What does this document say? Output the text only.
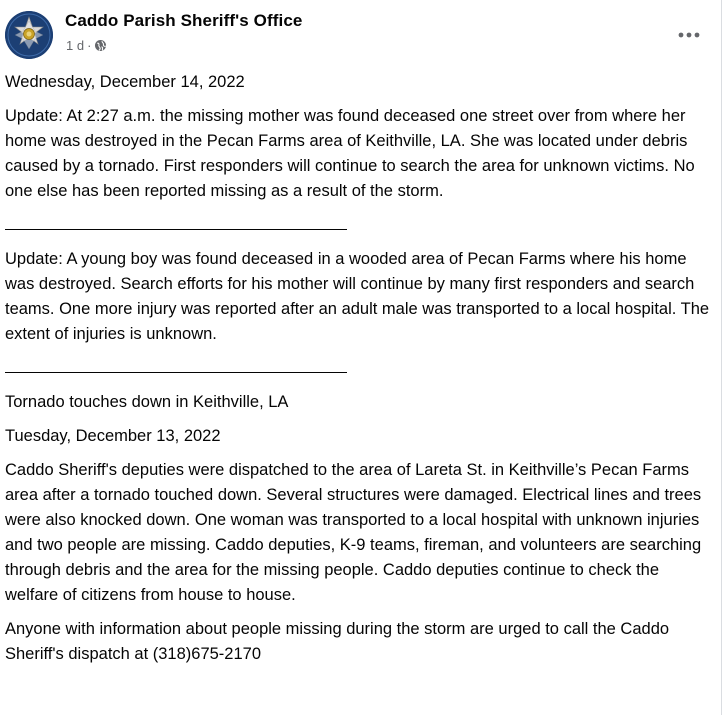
Caddo Parish Sheriff's Office
1 d ·

Wednesday, December 14, 2022

Update: At 2:27 a.m. the missing mother was found deceased one street over from where her home was destroyed in the Pecan Farms area of Keithville, LA. She was located under debris caused by a tornado. First responders will continue to search the area for unknown victims. No one else has been reported missing as a result of the storm.

Update: A young boy was found deceased in a wooded area of Pecan Farms where his home was destroyed. Search efforts for his mother will continue by many first responders and search teams. One more injury was reported after an adult male was transported to a local hospital. The extent of injuries is unknown.

Tornado touches down in Keithville, LA

Tuesday, December 13, 2022

Caddo Sheriff's deputies were dispatched to the area of Lareta St. in Keithville’s Pecan Farms area after a tornado touched down. Several structures were damaged. Electrical lines and trees were also knocked down. One woman was transported to a local hospital with unknown injuries and two people are missing. Caddo deputies, K-9 teams, fireman, and volunteers are searching through debris and the area for the missing people. Caddo deputies continue to check the welfare of citizens from house to house.

Anyone with information about people missing during the storm are urged to call the Caddo Sheriff's dispatch at (318)675-2170
